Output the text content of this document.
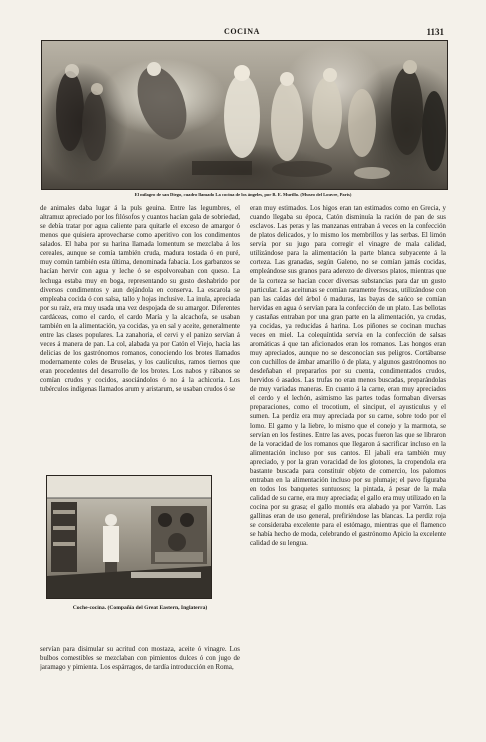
COCINA	1131
El milagro de san Diego, cuadro llamado La cocina de los ángeles, por B. E. Murillo. (Museo del Louvre, París)

de animales daba lugar á la puls geuina. Entre las legumbres, el altramuz apreciado por los filósofos y cuantos hacían gala de sobriedad, se debía tratar por agua caliente para quitarle el exceso de amargor ó menos que quisiera aprovecharse como aperitivo con los condimentos salados. El haba por su harina llamada lomentum se mezclaba á los cereales, aunque se comía también cruda, madura tostada ó en puré, muy común también esta última, denominada fabacia. Los garbanzos se hacían hervir con agua y leche ó se espolvoreaban con queso. La lechuga estaba muy en boga, representando su gusto deshabrido por diversos condimentos y aun dejándola en conserva. La escarola se empleaba cocida ó con salsa, tallo y hojas inclusive. La inula, apreciada por su raíz, era muy usada una vez despojada de su amargor. Diferentes cardáceas, como el cardo, el cardo María y la alcachofa, se usaban también en la alimentación, ya cocidas, ya en sal y aceite, generalmente entre las clases populares. La zanahoria, el cervi y el panizo servían á veces á manera de pan. La col, alabada ya por Catón el Viejo, hacía las delicias de los gastrónomos romanos, conociendo los brotes llamados modernamente coles de Bruselas, y los cauliculus, ramos tiernos que eran procedentes del desarrollo de los brotes. Los nabos y rábanos se comían crudos y cocidos, asociándolos ó no á la achicoria. Los tubérculos indígenas llamados arum y aristarum, se usaban crudos ó se

Coche-cocina. (Compañía del Great Eastern, Inglaterra)

servían para disimular su acritud con mostaza, aceite ó vinagre. Los bulbos comestibles se mezclaban con pimientos dulces ó con jugo de jaramago y pimienta. Los espárragos, de tardía introducción en Roma,

eran muy estimados. Los higos eran tan estimados como en Grecia, y cuando llegaba su época, Catón disminuía la ración de pan de sus esclavos. Las peras y las manzanas entraban á veces en la confección de platos delicados, y lo mismo los membrillos y las serbas. El limón servía por su jugo para corregir el vinagre de mala calidad, utilizándose para la alimentación la parte blanca subyacente á la corteza. Las granadas, según Galeno, no se comían jamás cocidas, empleándose sus granos para aderezo de diversos platos, mientras que de la corteza se hacían cocer diversas substancias para dar un gusto particular. Las aceitunas se comían raramente frescas, utilizándose con pan las caídas del árbol ó maduras, las bayas de saúco se comían hervidas en agua ó servían para la confección de un plato. Las bellotas y castañas entraban por una gran parte en la alimentación, ya crudas, ya cocidas, ya reducidas á harina. Los piñones se cocinan muchas veces en miel. La colequíntida servía en la confección de salsas aromáticas á que tan aficionados eran los romanos. Las hongos eran muy apreciados, aunque no se desconocían sus peligros. Cortábanse con cuchillos de ámbar amarillo ó de plata, y algunos gastrónomos no desdeñaban el prepararlos por su cuenta, condimentados crudos, hervidos ó asados. Las trufas no eran menos buscadas, preparándolas de muy variadas maneras. En cuanto á la carne, eran muy apreciados el cerdo y el lechón, asimismo las partes todas formaban diversas preparaciones, como el trocotium, el sinciput, el ayusticulus y el sumen. La perdiz era muy apreciada por su carne, sobre todo por el lomo. El gamo y la liebre, lo mismo que el conejo y la marmota, se servían en los festines. Entre las aves, pocas fueron las que se libraron de la voracidad de los romanos que llegaron á sacrificar incluso en la alimentación incluso por sus cantos. El jabalí era también muy apreciado, y por la gran voracidad de los glotones, la cropendola era bastante buscada para constituir objeto de comercio, los palomos entraban en la alimentación incluso por su plumaje; el pavo figuraba en todos los banquetes suntuosos; la pintada, á pesar de la mala calidad de su carne, era muy apreciada; el gallo era muy utilizado en la cocina por su grasa; el gallo montés era alabado ya por Varrón. Las gallinas eran de uso general, prefiriéndose las blancas. La perdiz roja se consideraba excelente para el estómago, mientras que el flamenco se había hecho de moda, celebrando el gastrónomo Apicio la excelente calidad de su lengua.
